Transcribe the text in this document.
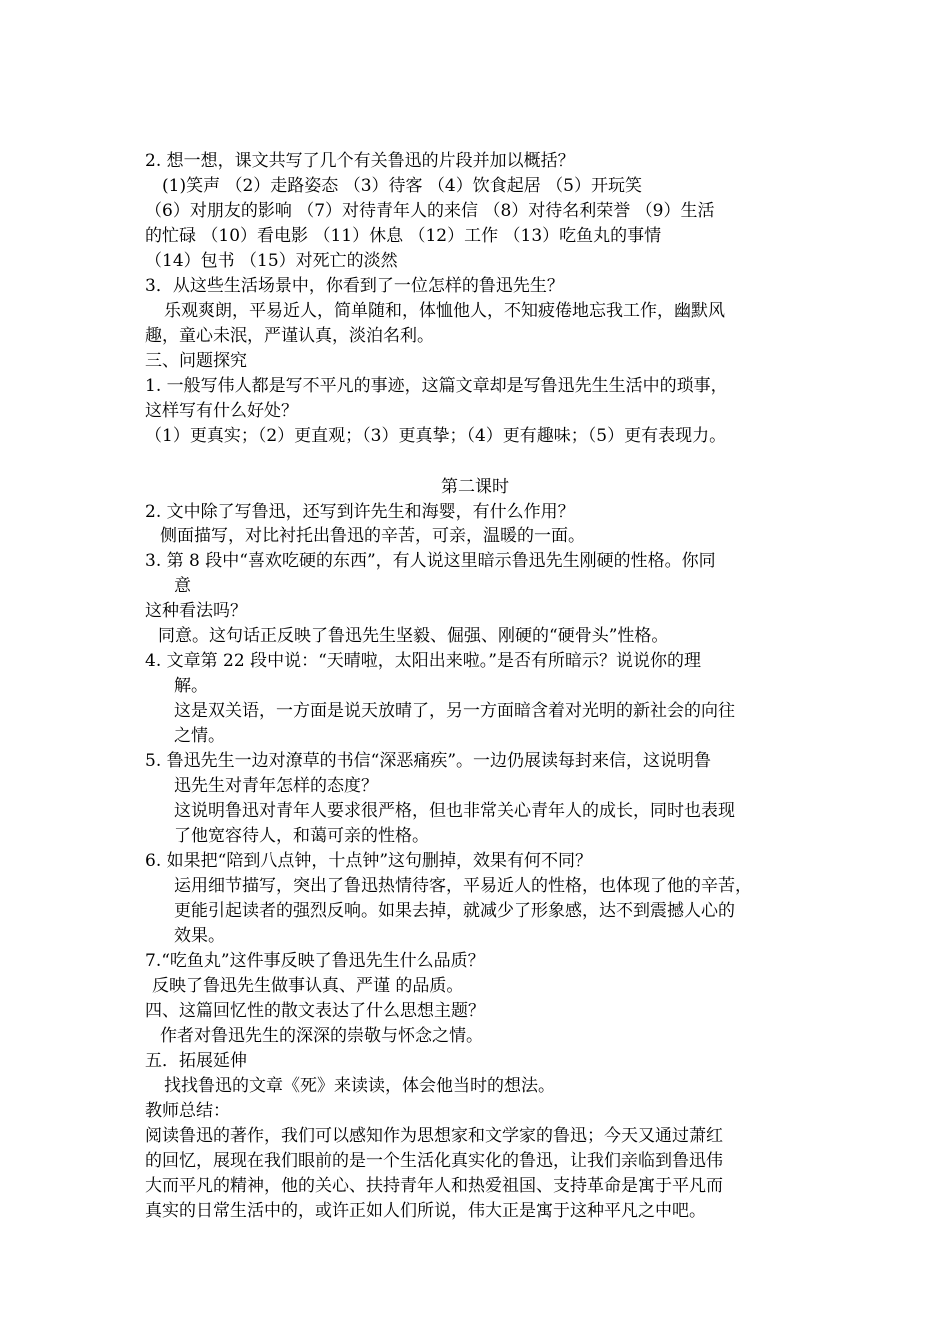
2. 想一想，课文共写了几个有关鲁迅的片段并加以概括？
(1)笑声 （2）走路姿态 （3）待客 （4）饮食起居 （5）开玩笑
（6）对朋友的影响 （7）对待青年人的来信 （8）对待名利荣誉 （9）生活
的忙碌 （10）看电影 （11）休息 （12）工作 （13）吃鱼丸的事情
（14）包书 （15）对死亡的淡然
3．从这些生活场景中，你看到了一位怎样的鲁迅先生？
乐观爽朗，平易近人，简单随和，体恤他人，不知疲倦地忘我工作，幽默风
趣，童心未泯，严谨认真，淡泊名利。
三、问题探究
1. 一般写伟人都是写不平凡的事迹，这篇文章却是写鲁迅先生生活中的琐事，
这样写有什么好处？
（1）更真实；（2）更直观；（3）更真挚；（4）更有趣味；（5）更有表现力。
第二课时
2. 文中除了写鲁迅，还写到许先生和海婴，有什么作用？
侧面描写，对比衬托出鲁迅的辛苦，可亲，温暖的一面。
3. 第 8 段中“喜欢吃硬的东西”，有人说这里暗示鲁迅先生刚硬的性格。你同
意
这种看法吗？
同意。这句话正反映了鲁迅先生坚毅、倔强、刚硬的“硬骨头”性格。
4. 文章第 22 段中说：“天晴啦，太阳出来啦。”是否有所暗示？说说你的理
解。
这是双关语，一方面是说天放晴了，另一方面暗含着对光明的新社会的向往
之情。
5. 鲁迅先生一边对潦草的书信“深恶痛疾”。一边仍展读每封来信，这说明鲁
迅先生对青年怎样的态度？
这说明鲁迅对青年人要求很严格，但也非常关心青年人的成长，同时也表现
了他宽容待人，和蔼可亲的性格。
6. 如果把“陪到八点钟，十点钟”这句删掉，效果有何不同？
运用细节描写，突出了鲁迅热情待客，平易近人的性格，也体现了他的辛苦，
更能引起读者的强烈反响。如果去掉，就减少了形象感，达不到震撼人心的
效果。
7.“吃鱼丸”这件事反映了鲁迅先生什么品质？
反映了鲁迅先生做事认真、严谨 的品质。
四、这篇回忆性的散文表达了什么思想主题？
作者对鲁迅先生的深深的崇敬与怀念之情。
五．拓展延伸
找找鲁迅的文章《死》来读读，体会他当时的想法。
教师总结：
阅读鲁迅的著作，我们可以感知作为思想家和文学家的鲁迅；今天又通过萧红
的回忆，展现在我们眼前的是一个生活化真实化的鲁迅，让我们亲临到鲁迅伟
大而平凡的精神，他的关心、扶持青年人和热爱祖国、支持革命是寓于平凡而
真实的日常生活中的，或许正如人们所说，伟大正是寓于这种平凡之中吧。
